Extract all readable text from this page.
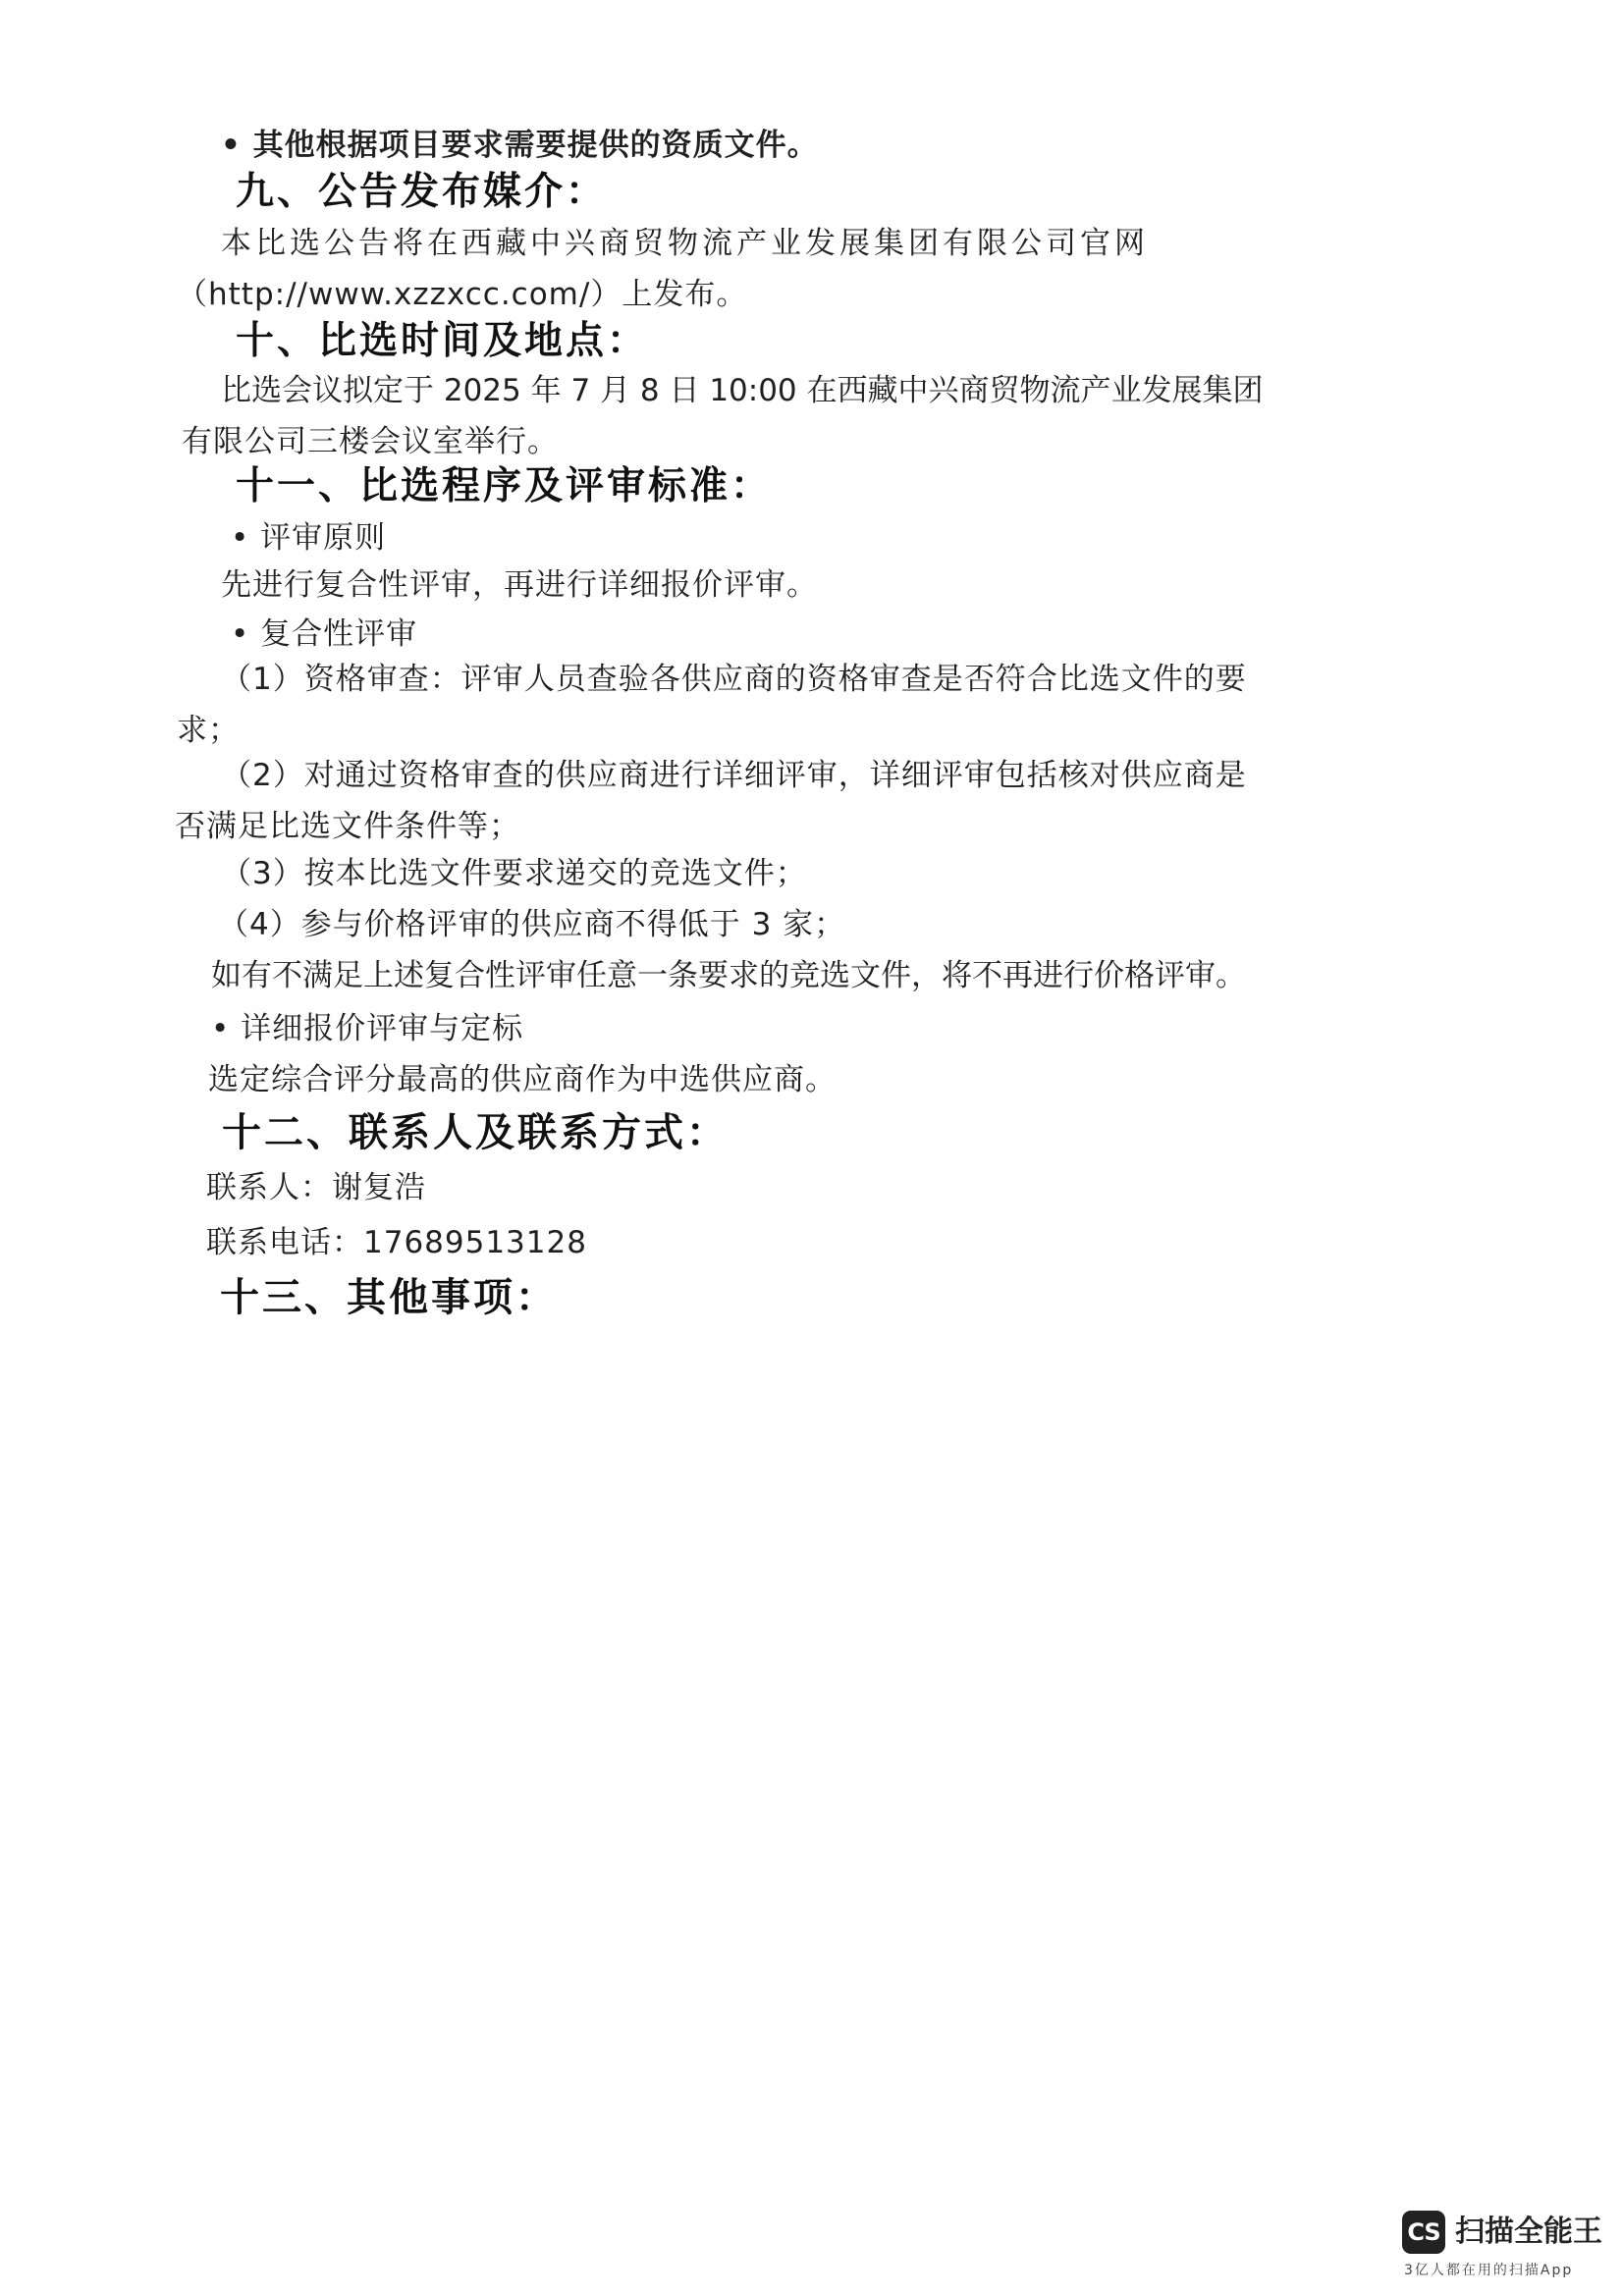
• 其他根据项目要求需要提供的资质文件。
九、公告发布媒介：
本比选公告将在西藏中兴商贸物流产业发展集团有限公司官网
（http://www.xzzxcc.com/）上发布。
十、比选时间及地点：
比选会议拟定于 2025 年 7 月 8 日 10:00 在西藏中兴商贸物流产业发展集团
有限公司三楼会议室举行。
十一、比选程序及评审标准：
• 评审原则
先进行复合性评审，再进行详细报价评审。
• 复合性评审
（1）资格审查：评审人员查验各供应商的资格审查是否符合比选文件的要
求；
（2）对通过资格审查的供应商进行详细评审，详细评审包括核对供应商是
否满足比选文件条件等；
（3）按本比选文件要求递交的竞选文件；
（4）参与价格评审的供应商不得低于 3 家；
如有不满足上述复合性评审任意一条要求的竞选文件，将不再进行价格评审。
• 详细报价评审与定标
选定综合评分最高的供应商作为中选供应商。
十二、联系人及联系方式：
联系人：谢复浩
联系电话：17689513128
十三、其他事项：
CS 扫描全能王
3亿人都在用的扫描App
